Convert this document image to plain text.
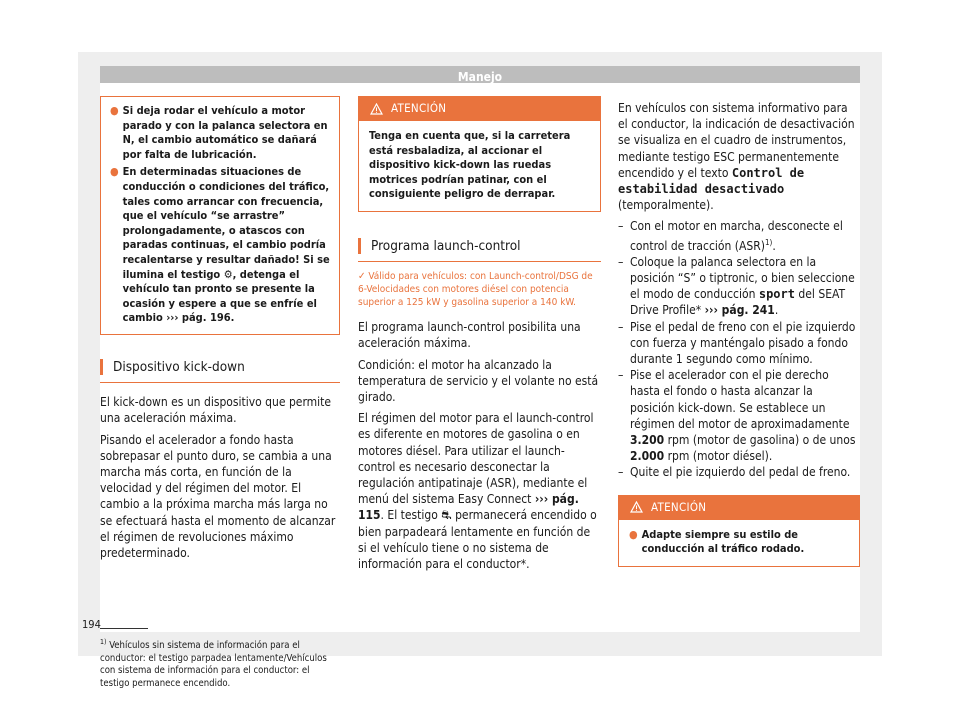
Manejo
● Si deja rodar el vehículo a motor parado y con la palanca selectora en N, el cambio automático se dañará por falta de lubricación.
● En determinadas situaciones de conducción o condiciones del tráfico, tales como arrancar con frecuencia, que el vehículo “se arrastre” prolongadamente, o atascos con paradas continuas, el cambio podría recalentarse y resultar dañado! Si se ilumina el testigo ⚙, detenga el vehículo tan pronto se presente la ocasión y espere a que se enfríe el cambio ››› pág. 196.
Dispositivo kick-down

El kick-down es un dispositivo que permite una aceleración máxima.

Pisando el acelerador a fondo hasta sobrepasar el punto duro, se cambia a una marcha más corta, en función de la velocidad y del régimen del motor. El cambio a la próxima marcha más larga no se efectuará hasta el momento de alcanzar el régimen de revoluciones máximo predeterminado.

ATENCIÓN
Tenga en cuenta que, si la carretera está resbaladiza, al accionar el dispositivo kick-down las ruedas motrices podrían patinar, con el consiguiente peligro de derrapar.
Programa launch-control

✓ Válido para vehículos: con Launch-control/DSG de 6-Velocidades con motores diésel con potencia superior a 125 kW y gasolina superior a 140 kW.

El programa launch-control posibilita una aceleración máxima.

Condición: el motor ha alcanzado la temperatura de servicio y el volante no está girado.

El régimen del motor para el launch-control es diferente en motores de gasolina o en motores diésel. Para utilizar el launch-control es necesario desconectar la regulación antipatinaje (ASR), mediante el menú del sistema Easy Connect ››› pág. 115. El testigo ⛐ permanecerá encendido o bien parpadeará lentamente en función de si el vehículo tiene o no sistema de información para el conductor*.

En vehículos con sistema informativo para el conductor, la indicación de desactivación se visualiza en el cuadro de instrumentos, mediante testigo ESC permanentemente encendido y el texto Control de estabilidad desactivado (temporalmente).

– Con el motor en marcha, desconecte el control de tracción (ASR)$^{1)}$.
– Coloque la palanca selectora en la posición “S” o tiptronic, o bien seleccione el modo de conducción sport del SEAT Drive Profile* ››› pág. 241.
– Pise el pedal de freno con el pie izquierdo con fuerza y manténgalo pisado a fondo durante 1 segundo como mínimo.
– Pise el acelerador con el pie derecho hasta el fondo o hasta alcanzar la posición kick-down. Se establece un régimen del motor de aproximadamente 3.200 rpm (motor de gasolina) o de unos 2.000 rpm (motor diésel).
– Quite el pie izquierdo del pedal de freno.
ATENCIÓN
● Adapte siempre su estilo de conducción al tráfico rodado.
$^{1)}$ Vehículos sin sistema de información para el conductor: el testigo parpadea lentamente/Vehículos con sistema de información para el conductor: el testigo permanece encendido.
194
